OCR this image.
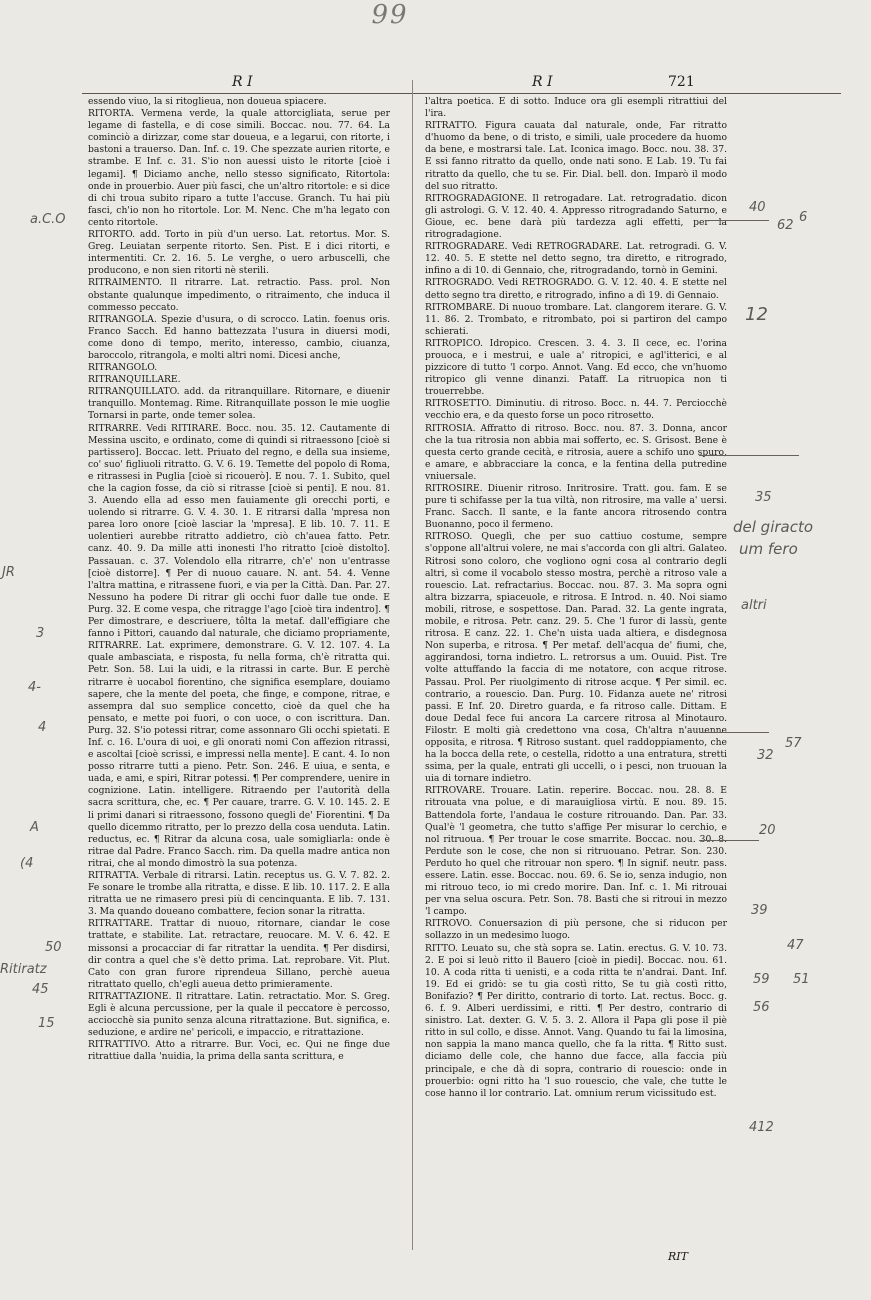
99
R I	R I	721

essendo viuo, la si ritoglieua, non doueua spiacere.

RITORTA. Vermena verde, la quale attorcigliata, serue per legame di fastella, e di cose simili. Boccac. nou. 77. 64. La cominciò a dirizzar, come star doueua, e a legarui, con ritorte, i bastoni a trauerso. Dan. Inf. c. 19. Che spezzate aurien ritorte, e strambe. E Inf. c. 31. S'io non auessi uisto le ritorte [cioè i legami]. ¶ Diciamo anche, nello stesso significato, Ritortola: onde in prouerbio. Auer più fasci, che un'altro ritortole: e si dice di chi troua subito riparo a tutte l'accuse. Granch. Tu hai più fasci, ch'io non ho ritortole. Lor. M. Nenc. Che m'ha legato con cento ritortole.

RITORTO. add. Torto in più d'un uerso. Lat. retortus. Mor. S. Greg. Leuiatan serpente ritorto. Sen. Pist. E i dici ritorti, e intermentiti. Cr. 2. 16. 5. Le verghe, o uero arbuscelli, che producono, e non sien ritorti nè sterili.

RITRAIMENTO. Il ritrarre. Lat. retractio. Pass. prol. Non obstante qualunque impedimento, o ritraimento, che induca il commesso peccato.

RITRANGOLA. Spezie d'usura, o di scrocco. Latin. foenus oris. Franco Sacch. Ed hanno battezzata l'usura in diuersi modi, come dono di tempo, merito, interesso, cambio, ciuanza, baroccolo, ritrangola, e molti altri nomi. Dicesi anche,

RITRANGOLO.

RITRANQUILLARE.

RITRANQUILLATO. add. da ritranquillare. Ritornare, e diuenir tranquillo. Montemag. Rime. Ritranquillate posson le mie uoglie Tornarsi in parte, onde temer solea.

RITRARRE. Vedi RITIRARE. Bocc. nou. 35. 12. Cautamente di Messina uscito, e ordinato, come di quindi si ritraessono [cioè si partissero]. Boccac. lett. Priuato del regno, e della sua insieme, co' suo' figliuoli ritratto. G. V. 6. 19. Temette del popolo di Roma, e ritrassesi in Puglia [cioè si ricouerò]. E nou. 7. 1. Subito, quel che la cagion fosse, da ciò si ritrasse [cioè si penti]. E nou. 81. 3. Auendo ella ad esso men fauiamente gli orecchi porti, e uolendo si ritrarre. G. V. 4. 30. 1. E ritrarsi dalla 'mpresa non parea loro onore [cioè lasciar la 'mpresa]. E lib. 10. 7. 11. E uolentieri aurebbe ritratto addietro, ciò ch'auea fatto. Petr. canz. 40. 9. Da mille atti inonesti l'ho ritratto [cioè distolto]. Passauan. c. 37. Volendolo ella ritrarre, ch'e' non u'entrasse [cioè distorre]. ¶ Per di nuouo cauare. N. ant. 54. 4. Venne l'altra mattina, e ritrassene fuori, e via per la Città. Dan. Par. 27. Nessuno ha podere Di ritrar gli occhi fuor dalle tue onde. E Purg. 32. E come vespa, che ritragge l'ago [cioè tira indentro]. ¶ Per dimostrare, e descriuere, tôlta la metaf. dall'effigiare che fanno i Pittori, cauando dal naturale, che diciamo propriamente, RITRARRE. Lat. exprimere, demonstrare. G. V. 12. 107. 4. La quale ambasciata, e risposta, fu nella forma, ch'è ritratta qui. Petr. Son. 58. Lui la uidi, e la ritrassi in carte. Bur. E perchè ritrarre è uocabol fiorentino, che significa esemplare, douiamo sapere, che la mente del poeta, che finge, e compone, ritrae, e assempra dal suo semplice concetto, cioè da quel che ha pensato, e mette poi fuori, o con uoce, o con iscrittura. Dan. Purg. 32. S'io potessi ritrar, come assonnaro Gli occhi spietati. E Inf. c. 16. L'oura di uoi, e gli onorati nomi Con affezion ritrassi, e ascoltai [cioè scrissi, e impressi nella mente]. E cant. 4. Io non posso ritrarre tutti a pieno. Petr. Son. 246. E uiua, e senta, e uada, e ami, e spiri, Ritrar potessi. ¶ Per comprendere, uenire in cognizione. Latin. intelligere. Ritraendo per l'autorità della sacra scrittura, che, ec. ¶ Per cauare, trarre. G. V. 10. 145. 2. E li primi danari si ritraessono, fossono quegli de' Fiorentini. ¶ Da quello dicemmo ritratto, per lo prezzo della cosa uenduta. Latin. reductus, ec. ¶ Ritrar da alcuna cosa, uale somigliarla: onde è ritrae dal Padre. Franco Sacch. rim. Da quella madre antica non ritrai, che al mondo dimostrò la sua potenza.

RITRATTA. Verbale di ritrarsi. Latin. receptus us. G. V. 7. 82. 2. Fe sonare le trombe alla ritratta, e disse. E lib. 10. 117. 2. E alla ritratta ue ne rimasero presi più di cencinquanta. E lib. 7. 131. 3. Ma quando doueano combattere, fecion sonar la ritratta.

RITRATTARE. Trattar di nuouo, ritornare, ciandar le cose trattate, e stabilite. Lat. retractare, reuocare. M. V. 6. 42. E missonsi a procacciar di far ritrattar la uendita. ¶ Per disdirsi, dir contra a quel che s'è detto prima. Lat. reprobare. Vit. Plut. Cato con gran furore riprendeua Sillano, perchè aueua ritrattato quello, ch'egli aueua detto primieramente.

RITRATTAZIONE. Il ritrattare. Latin. retractatio. Mor. S. Greg. Egli è alcuna percussione, per la quale il peccatore è percosso, acciocchè sia punito senza alcuna ritrattazione. But. significa, e. seduzione, e ardire ne' pericoli, e impaccio, e ritrattazione.

RITRATTIVO. Atto a ritrarre. Bur. Voci, ec. Qui ne finge due ritrattiue dalla 'nuidia, la prima della santa scrittura, e

l'altra poetica. E di sotto. Induce ora gli esempli ritrattiui del l'ira.

RITRATTO. Figura cauata dal naturale, onde, Far ritratto d'huomo da bene, o di tristo, e simili, uale procedere da huomo da bene, e mostrarsi tale. Lat. Iconica imago. Bocc. nou. 38. 37. E ssi fanno ritratto da quello, onde nati sono. E Lab. 19. Tu fai ritratto da quello, che tu se. Fir. Dial. bell. don. Imparò il modo del suo ritratto.

RITROGRADAGIONE. Il retrogadare. Lat. retrogradatio. dicon gli astrologi. G. V. 12. 40. 4. Appresso ritrogradando Saturno, e Gioue, ec. bene darà più tardezza agli effetti, per la ritrogradagione.

RITROGRADARE. Vedi RETROGRADARE. Lat. retrogradi. G. V. 12. 40. 5. E stette nel detto segno, tra diretto, e ritrogrado, infino a di 10. di Gennaio, che, ritrogradando, tornò in Gemini.

RITROGRADO. Vedi RETROGRADO. G. V. 12. 40. 4. E stette nel detto segno tra diretto, e ritrogrado, infino a dì 19. di Gennaio.

RITROMBARE. Di nuouo trombare. Lat. clangorem iterare. G. V. 11. 86. 2. Trombato, e ritrombato, poi si partiron del campo schierati.

RITROPICO. Idropico. Crescen. 3. 4. 3. Il cece, ec. l'orina prouoca, e i mestrui, e uale a' ritropici, e agl'itterici, e al pizzicore di tutto 'l corpo. Annot. Vang. Ed ecco, che vn'huomo ritropico gli venne dinanzi. Pataff. La ritruopica non ti trouerrebbe.

RITROSETTO. Diminutiu. di ritroso. Bocc. n. 44. 7. Perciocchè vecchio era, e da questo forse un poco ritrosetto.

RITROSIA. Affratto di ritroso. Bocc. nou. 87. 3. Donna, ancor che la tua ritrosia non abbia mai sofferto, ec. S. Grisost. Bene è questa certo grande cecità, e ritrosia, auere a schifo uno spuro, e amare, e abbracciare la conca, e la fentina della putredine vniuersale.

RITROSIRE. Diuenir ritroso. Inritrosire. Tratt. gou. fam. E se pure ti schifasse per la tua viltà, non ritrosire, ma valle a' uersi. Franc. Sacch. Il sante, e la fante ancora ritrosendo contra Buonanno, poco il fermeno.

RITROSO. Queglì, che per suo cattiuo costume, sempre s'oppone all'altrui volere, ne mai s'accorda con gli altri. Galateo. Ritrosi sono coloro, che vogliono ogni cosa al contrario degli altri, sì come il vocabolo stesso mostra, perchè a ritroso vale a rouescio. Lat. refractarius. Boccac. nou. 87. 3. Ma sopra ogni altra bizzarra, spiaceuole, e ritrosa. E Introd. n. 40. Noi siamo mobili, ritrose, e sospettose. Dan. Parad. 32. La gente ingrata, mobile, e ritrosa. Petr. canz. 29. 5. Che 'l furor di lassù, gente ritrosa. E canz. 22. 1. Che'n uista uada altiera, e disdegnosa Non superba, e ritrosa. ¶ Per metaf. dell'acqua de' fiumi, che, aggirandosi, torna indietro. L. retrorsus a um. Ouuid. Pist. Tre volte attuffando la faccia di me notatore, con acque ritrose. Passau. Prol. Per riuolgimento di ritrose acque. ¶ Per simil. ec. contrario, a rouescio. Dan. Purg. 10. Fidanza auete ne' ritrosi passi. E Inf. 20. Diretro guarda, e fa ritroso calle. Dittam. E doue Dedal fece fui ancora La carcere ritrosa al Minotauro. Filostr. E molti già credettono vna cosa, Ch'altra n'auuenne opposita, e ritrosa. ¶ Ritroso sustant. quel raddoppiamento, che ha la bocca della rete, o cestella, ridotto a una entratura, stretti ssima, per la quale, entrati gli uccelli, o i pesci, non truouan la uia di tornare indietro.

RITROVARE. Trouare. Latin. reperire. Boccac. nou. 28. 8. E ritrouata vna polue, e di marauigliosa virtù. E nou. 89. 15. Battendola forte, l'andaua le costure ritrouando. Dan. Par. 33. Qual'è 'l geometra, che tutto s'affige Per misurar lo cerchio, e nol ritruoua. ¶ Per trouar le cose smarrite. Boccac. nou. 30. 8. Perdute son le cose, che non si ritruouano. Petrar. Son. 230. Perduto ho quel che ritrouar non spero. ¶ In signif. neutr. pass. essere. Latin. esse. Boccac. nou. 69. 6. Se io, senza indugio, non mi ritrouo teco, io mi credo morire. Dan. Inf. c. 1. Mi ritrouai per vna selua oscura. Petr. Son. 78. Basti che si ritroui in mezzo 'l campo.

RITROVO. Conuersazion di più persone, che si riducon per sollazzo in un medesimo luogo.

RITTO. Leuato su, che stà sopra se. Latin. erectus. G. V. 10. 73. 2. E poi si leuò ritto il Bauero [cioè in piedi]. Boccac. nou. 61. 10. A coda ritta ti uenisti, e a coda ritta te n'andrai. Dant. Inf. 19. Ed ei gridò: se tu gia costì ritto, Se tu già costì ritto, Bonifazio? ¶ Per diritto, contrario di torto. Lat. rectus. Bocc. g. 6. f. 9. Alberi uerdissimi, e ritti. ¶ Per destro, contrario di sinistro. Lat. dexter. G. V. 5. 3. 2. Allora il Papa gli pose il piè ritto in sul collo, e disse. Annot. Vang. Quando tu fai la limosina, non sappia la mano manca quello, che fa la ritta. ¶ Ritto sust. diciamo delle cole, che hanno due facce, alla faccia più principale, e che dà di sopra, contrario di rouescio: onde in prouerbio: ogni ritto ha 'l suo rouescio, che vale, che tutte le cose hanno il lor contrario. Lat. omnium rerum vicissitudo est.

a.C.O
JR
3
4-
4
A
(4
50
Ritiratz
45
15
40
6
62
12
35
del giracto
um fero
altri
57
32
20
39
47
59
56
51
412
RIT
